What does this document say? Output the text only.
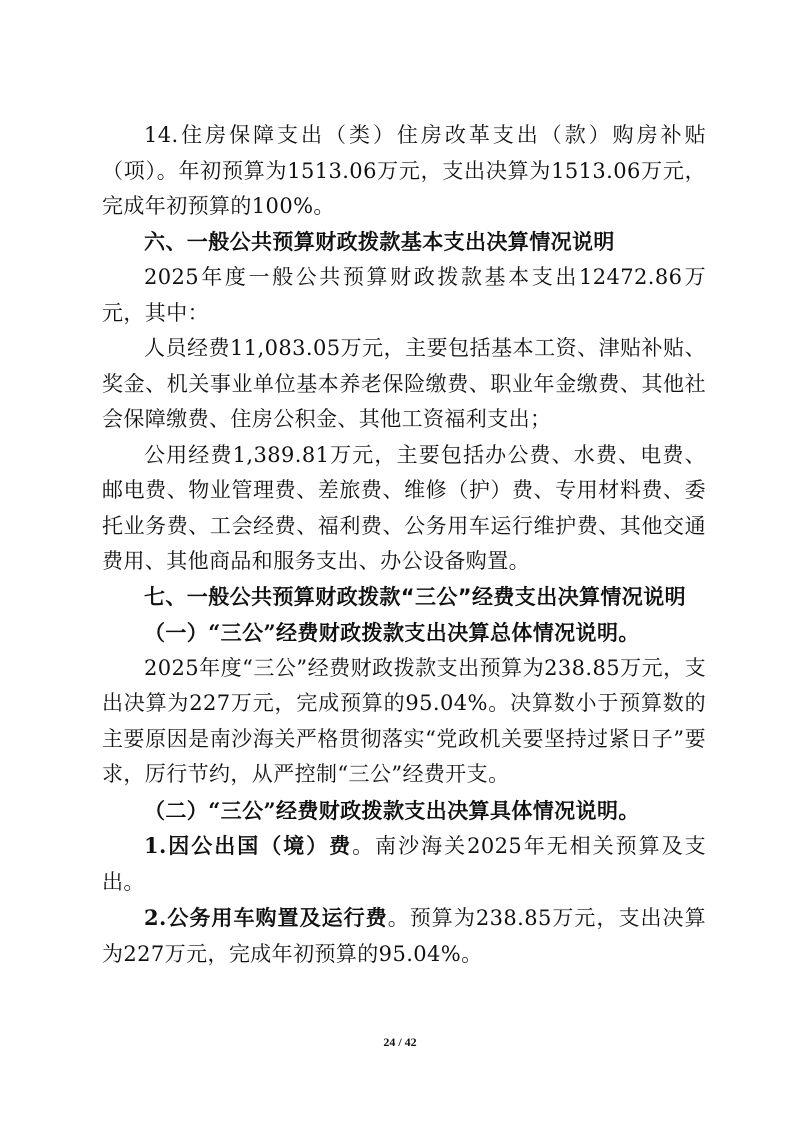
14.住房保障支出（类）住房改革支出（款）购房补贴（项）。年初预算为1513.06万元，支出决算为1513.06万元，完成年初预算的100%。

六、一般公共预算财政拨款基本支出决算情况说明

2025年度一般公共预算财政拨款基本支出12472.86万元，其中：

人员经费11,083.05万元，主要包括基本工资、津贴补贴、奖金、机关事业单位基本养老保险缴费、职业年金缴费、其他社会保障缴费、住房公积金、其他工资福利支出；

公用经费1,389.81万元，主要包括办公费、水费、电费、邮电费、物业管理费、差旅费、维修（护）费、专用材料费、委托业务费、工会经费、福利费、公务用车运行维护费、其他交通费用、其他商品和服务支出、办公设备购置。

七、一般公共预算财政拨款“三公”经费支出决算情况说明

（一）“三公”经费财政拨款支出决算总体情况说明。

2025年度“三公”经费财政拨款支出预算为238.85万元，支出决算为227万元，完成预算的95.04%。决算数小于预算数的主要原因是南沙海关严格贯彻落实“党政机关要坚持过紧日子”要求，厉行节约，从严控制“三公”经费开支。

（二）“三公”经费财政拨款支出决算具体情况说明。

1.因公出国（境）费。南沙海关2025年无相关预算及支出。

2.公务用车购置及运行费。预算为238.85万元，支出决算为227万元，完成年初预算的95.04%。

24 / 42
